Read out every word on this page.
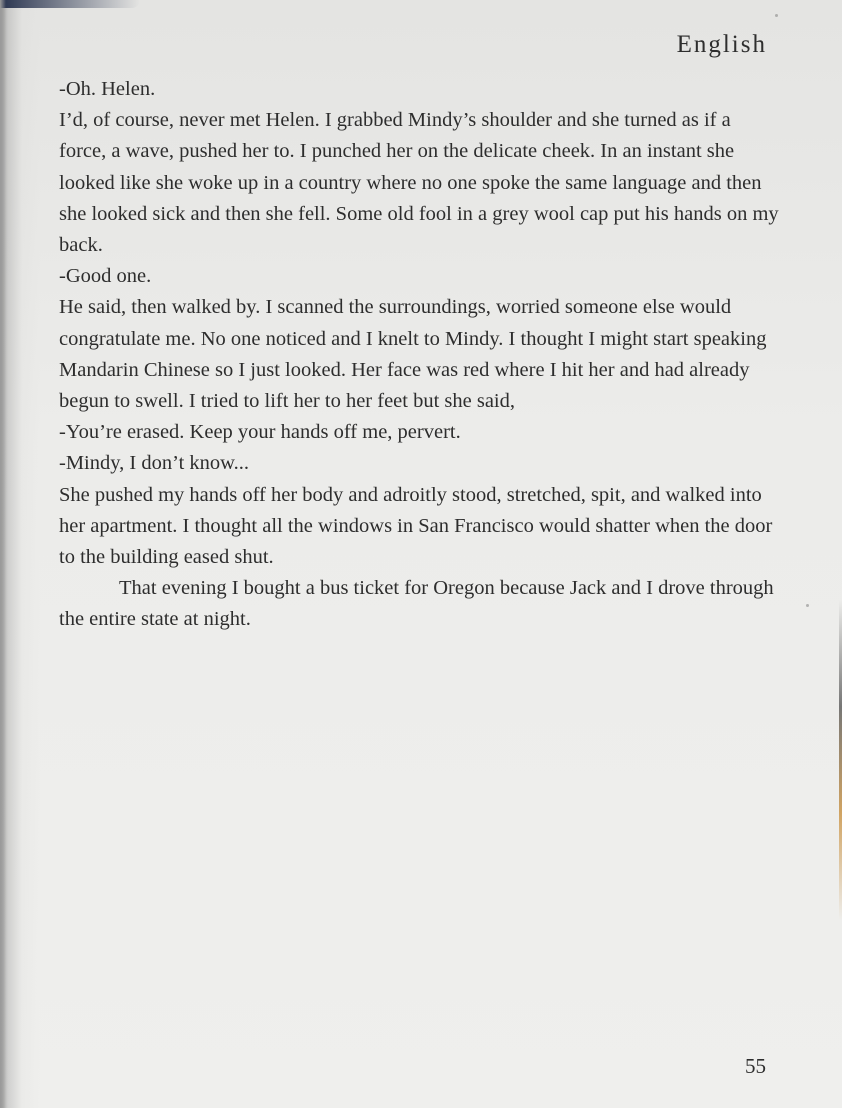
English

-Oh. Helen.

I’d, of course, never met Helen. I grabbed Mindy’s shoulder and she turned as if a force, a wave, pushed her to. I punched her on the delicate cheek. In an instant she looked like she woke up in a country where no one spoke the same language and then she looked sick and then she fell. Some old fool in a grey wool cap put his hands on my back.

-Good one.

He said, then walked by. I scanned the surroundings, worried someone else would congratulate me. No one noticed and I knelt to Mindy. I thought I might start speaking Mandarin Chinese so I just looked. Her face was red where I hit her and had already begun to swell. I tried to lift her to her feet but she said,

-You’re erased. Keep your hands off me, pervert.

-Mindy, I don’t know...

She pushed my hands off her body and adroitly stood, stretched, spit, and walked into her apartment. I thought all the windows in San Francisco would shatter when the door to the building eased shut.

That evening I bought a bus ticket for Oregon because Jack and I drove through the entire state at night.

55
